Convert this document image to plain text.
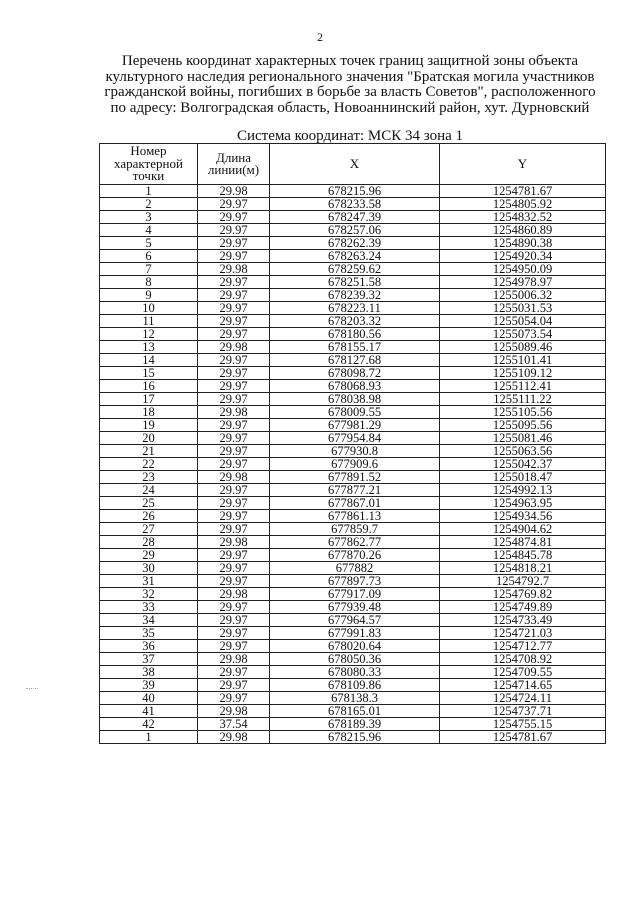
2
Перечень координат характерных точек границ защитной зоны объекта
культурного наследия регионального значения "Братская могила участников
гражданской войны, погибших в борьбе за власть Советов", расположенного
по адресу: Волгоградская область, Новоаннинский район, хут. Дурновский
Система координат: МСК 34 зона 1
Номер характерной точки	Длина линии(м)	X	Y
1	29.98	678215.96	1254781.67
2	29.97	678233.58	1254805.92
3	29.97	678247.39	1254832.52
4	29.97	678257.06	1254860.89
5	29.97	678262.39	1254890.38
6	29.97	678263.24	1254920.34
7	29.98	678259.62	1254950.09
8	29.97	678251.58	1254978.97
9	29.97	678239.32	1255006.32
10	29.97	678223.11	1255031.53
11	29.97	678203.32	1255054.04
12	29.97	678180.56	1255073.54
13	29.98	678155.17	1255089.46
14	29.97	678127.68	1255101.41
15	29.97	678098.72	1255109.12
16	29.97	678068.93	1255112.41
17	29.97	678038.98	1255111.22
18	29.98	678009.55	1255105.56
19	29.97	677981.29	1255095.56
20	29.97	677954.84	1255081.46
21	29.97	677930.8	1255063.56
22	29.97	677909.6	1255042.37
23	29.98	677891.52	1255018.47
24	29.97	677877.21	1254992.13
25	29.97	677867.01	1254963.95
26	29.97	677861.13	1254934.56
27	29.97	677859.7	1254904.62
28	29.98	677862.77	1254874.81
29	29.97	677870.26	1254845.78
30	29.97	677882	1254818.21
31	29.97	677897.73	1254792.7
32	29.98	677917.09	1254769.82
33	29.97	677939.48	1254749.89
34	29.97	677964.57	1254733.49
35	29.97	677991.83	1254721.03
36	29.97	678020.64	1254712.77
37	29.98	678050.36	1254708.92
38	29.97	678080.33	1254709.55
39	29.97	678109.86	1254714.65
40	29.97	678138.3	1254724.11
41	29.98	678165.01	1254737.71
42	37.54	678189.39	1254755.15
1	29.98	678215.96	1254781.67
